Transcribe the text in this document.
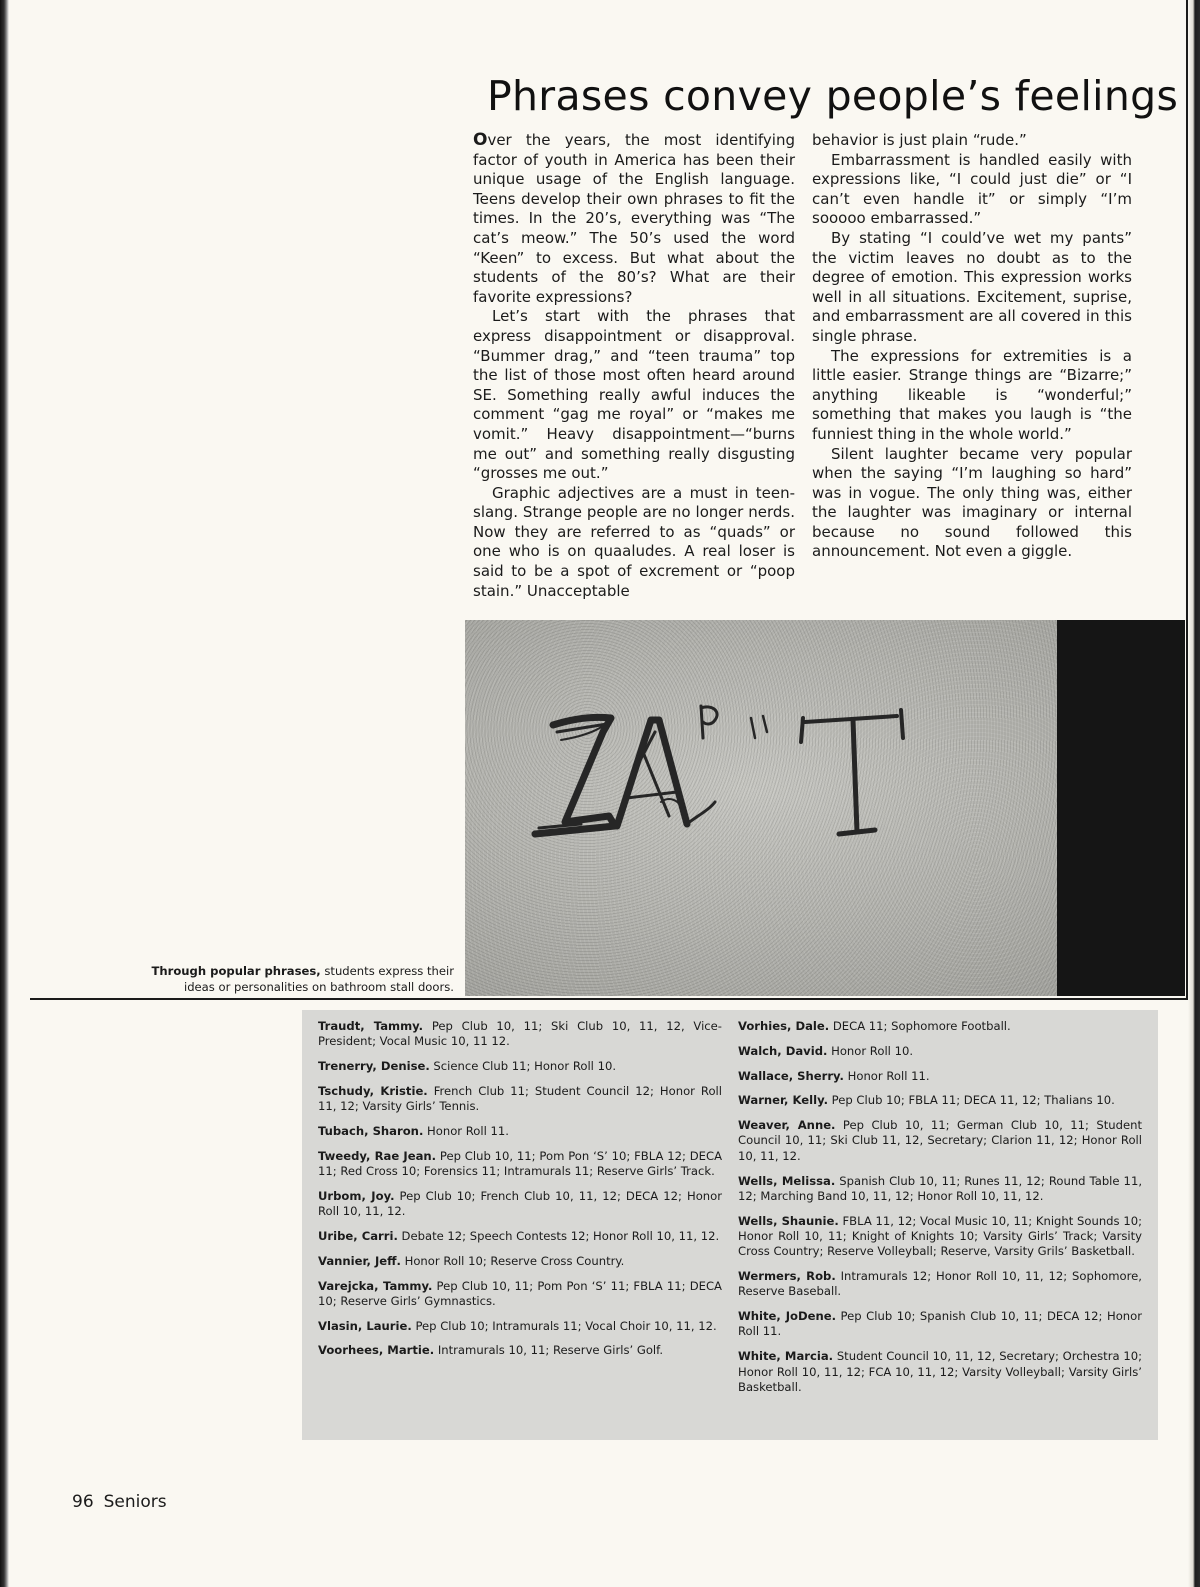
Phrases convey people’s feelings

Over the years, the most identifying factor of youth in America has been their unique usage of the English language. Teens develop their own phrases to fit the times. In the 20’s, everything was “The cat’s meow.” The 50’s used the word “Keen” to excess. But what about the students of the 80’s? What are their favorite expressions?

Let’s start with the phrases that express disappointment or disapproval. “Bummer drag,” and “teen trauma” top the list of those most often heard around SE. Something really awful induces the comment “gag me royal” or “makes me vomit.” Heavy disappointment—“burns me out” and something really disgusting “grosses me out.”

Graphic adjectives are a must in teen-slang. Strange people are no longer nerds. Now they are referred to as “quads” or one who is on quaaludes. A real loser is said to be a spot of excrement or “poop stain.” Unacceptable

behavior is just plain “rude.”

Embarrassment is handled easily with expressions like, “I could just die” or “I can’t even handle it” or simply “I’m sooooo embarrassed.”

By stating “I could’ve wet my pants” the victim leaves no doubt as to the degree of emotion. This expression works well in all situations. Excitement, suprise, and embarrassment are all covered in this single phrase.

The expressions for extremities is a little easier. Strange things are “Bizarre;” anything likeable is “wonderful;” something that makes you laugh is “the funniest thing in the whole world.”

Silent laughter became very popular when the saying “I’m laughing so hard” was in vogue. The only thing was, either the laughter was imaginary or internal because no sound followed this announcement. Not even a giggle.

ZAPT
Through popular phrases, students express their ideas or personalities on bathroom stall doors.

Traudt, Tammy. Pep Club 10, 11; Ski Club 10, 11, 12, Vice-President; Vocal Music 10, 11 12.

Trenerry, Denise. Science Club 11; Honor Roll 10.

Tschudy, Kristie. French Club 11; Student Council 12; Honor Roll 11, 12; Varsity Girls’ Tennis.

Tubach, Sharon. Honor Roll 11.

Tweedy, Rae Jean. Pep Club 10, 11; Pom Pon ‘S’ 10; FBLA 12; DECA 11; Red Cross 10; Forensics 11; Intramurals 11; Reserve Girls’ Track.

Urbom, Joy. Pep Club 10; French Club 10, 11, 12; DECA 12; Honor Roll 10, 11, 12.

Uribe, Carri. Debate 12; Speech Contests 12; Honor Roll 10, 11, 12.

Vannier, Jeff. Honor Roll 10; Reserve Cross Country.

Varejcka, Tammy. Pep Club 10, 11; Pom Pon ‘S’ 11; FBLA 11; DECA 10; Reserve Girls’ Gymnastics.

Vlasin, Laurie. Pep Club 10; Intramurals 11; Vocal Choir 10, 11, 12.

Voorhees, Martie. Intramurals 10, 11; Reserve Girls’ Golf.

Vorhies, Dale. DECA 11; Sophomore Football.

Walch, David. Honor Roll 10.

Wallace, Sherry. Honor Roll 11.

Warner, Kelly. Pep Club 10; FBLA 11; DECA 11, 12; Thalians 10.

Weaver, Anne. Pep Club 10, 11; German Club 10, 11; Student Council 10, 11; Ski Club 11, 12, Secretary; Clarion 11, 12; Honor Roll 10, 11, 12.

Wells, Melissa. Spanish Club 10, 11; Runes 11, 12; Round Table 11, 12; Marching Band 10, 11, 12; Honor Roll 10, 11, 12.

Wells, Shaunie. FBLA 11, 12; Vocal Music 10, 11; Knight Sounds 10; Honor Roll 10, 11; Knight of Knights 10; Varsity Girls’ Track; Varsity Cross Country; Reserve Volleyball; Reserve, Varsity Grils’ Basketball.

Wermers, Rob. Intramurals 12; Honor Roll 10, 11, 12; Sophomore, Reserve Baseball.

White, JoDene. Pep Club 10; Spanish Club 10, 11; DECA 12; Honor Roll 11.

White, Marcia. Student Council 10, 11, 12, Secretary; Orchestra 10; Honor Roll 10, 11, 12; FCA 10, 11, 12; Varsity Volleyball; Varsity Girls’ Basketball.

96 Seniors
